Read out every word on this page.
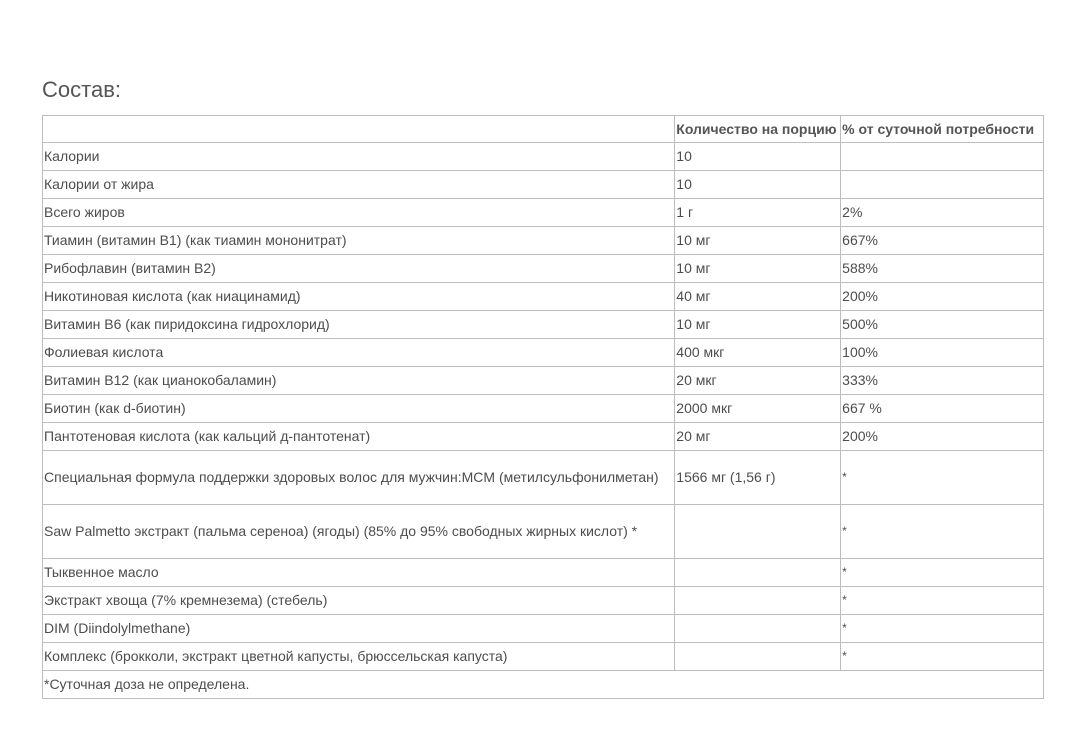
Состав:
	Количество на порцию	% от суточной потребности
Калории	10	
Калории от жира	10	
Всего жиров	1 г	2%
Тиамин (витамин B1) (как тиамин мононитрат)	10 мг	667%
Рибофлавин (витамин B2)	10 мг	588%
Никотиновая кислота (как ниацинамид)	40 мг	200%
Витамин B6 (как пиридоксина гидрохлорид)	10 мг	500%
Фолиевая кислота	400 мкг	100%
Витамин B12 (как цианокобаламин)	20 мкг	333%
Биотин (как d-биотин)	2000 мкг	667 %
Пантотеновая кислота (как кальций д-пантотенат)	20 мг	200%
Специальная формула поддержки здоровых волос для мужчин:MCM (метилсульфонилметан)	1566 мг (1,56 г)	*
Saw Palmetto экстракт (пальма сереноа) (ягоды) (85% до 95% свободных жирных кислот) *		*
Тыквенное масло		*
Экстракт хвоща (7% кремнезема) (стебель)		*
DIM (Diindolylmethane)		*
Комплекс (брокколи, экстракт цветной капусты, брюссельская капуста)		*
*Суточная доза не определена.		
